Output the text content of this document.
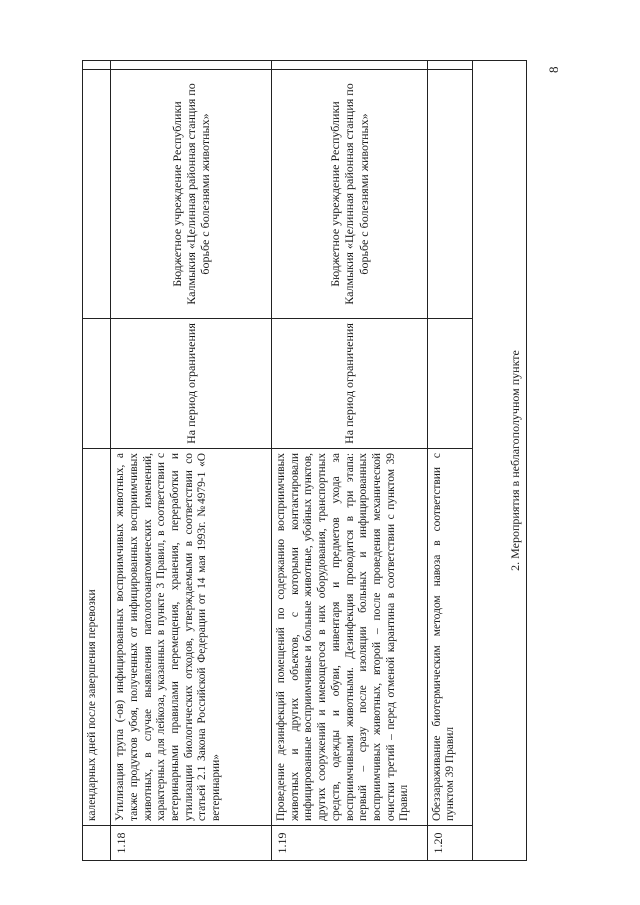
	календарных дней после завершения перевозки			
1.18	Утилизация трупа (-ов) инфицированных восприимчивых животных, а также продуктов убоя, полученных от инфицированных восприимчивых животных, в случае выявления патологоанатомических изменений, характерных для лейкоза, указанных в пункте 3 Правил, в соответствии с ветеринарными правилами перемещения, хранения, переработки и утилизации биологических отходов, утверждаемыми в соответствии со статьей 2.1 Закона Российской Федерации от 14 мая 1993г. №4979-1 «О ветеринарии»	На период ограничения	Бюджетное учреждение Республики Калмыкия «Целинная районная станция по борьбе с болезнями животных»	
1.19	Проведение дезинфекций помещений по содержанию восприимчивых животных и других объектов, с которыми контактировали инфицированные восприимчивые и больные животные, убойных пунктов, других сооружений и имеющегося в них оборудования, транспортных средств, одежды и обуви, инвентаря и предметов ухода за восприимчивыми животными. Дезинфекция проводится в три этапа: первый – сразу после изоляции больных и инфицированных восприимчивых животных, второй – после проведения механической очистки третий – перед отменой карантина в соответствии с пунктом 39 Правил	На период ограничения	Бюджетное учреждение Республики Калмыкия «Целинная районная станция по борьбе с болезнями животных»	
1.20	Обеззараживание биотермическим методом навоза в соответствии с пунктом 39 Правил			
2. Мероприятия в неблагополучном пункте				
8
